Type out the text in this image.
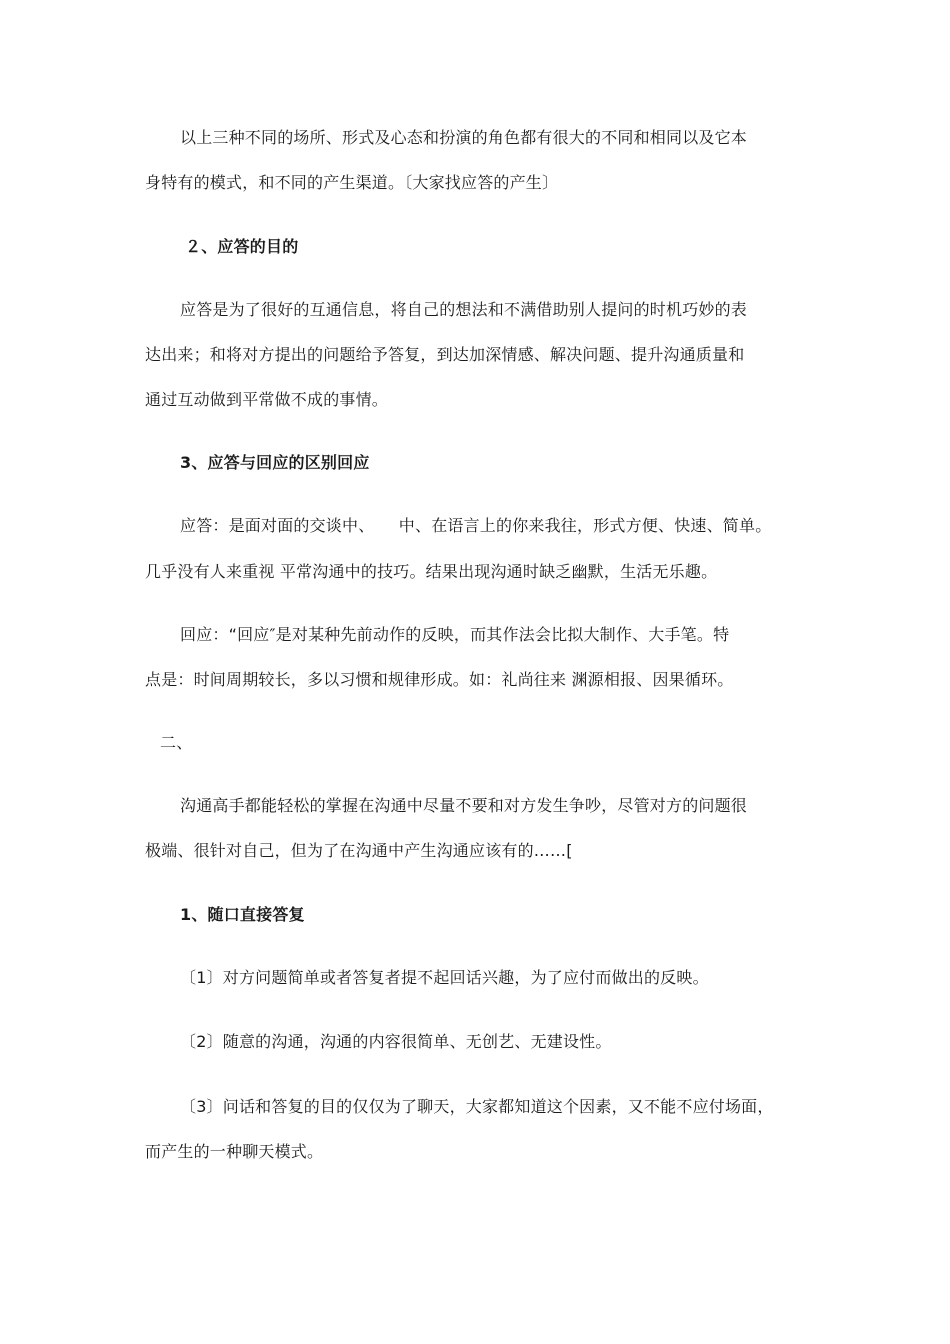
以上三种不同的场所、形式及心态和扮演的角色都有很大的不同和相同以及它本
身特有的模式，和不同的产生渠道。〔大家找应答的产生〕
２、应答的目的
应答是为了很好的互通信息，将自己的想法和不满借助别人提问的时机巧妙的表
达出来；和将对方提出的问题给予答复，到达加深情感、解决问题、提升沟通质量和
通过互动做到平常做不成的事情。
3、应答与回应的区别回应
应答：是面对面的交谈中、　　中、在语言上的你来我往，形式方便、快速、简单。
几乎没有人来重视 平常沟通中的技巧。结果出现沟通时缺乏幽默，生活无乐趣。
回应：“回应″是对某种先前动作的反映，而其作法会比拟大制作、大手笔。特
点是：时间周期较长，多以习惯和规律形成。如：礼尚往来 渊源相报、因果循环。
二、
沟通高手都能轻松的掌握在沟通中尽量不要和对方发生争吵，尽管对方的问题很
极端、很针对自己，但为了在沟通中产生沟通应该有的……[
1、随口直接答复
〔1〕对方问题简单或者答复者提不起回话兴趣，为了应付而做出的反映。
〔2〕随意的沟通，沟通的内容很简单、无创艺、无建设性。
〔3〕问话和答复的目的仅仅为了聊天，大家都知道这个因素，又不能不应付场面，
而产生的一种聊天模式。
